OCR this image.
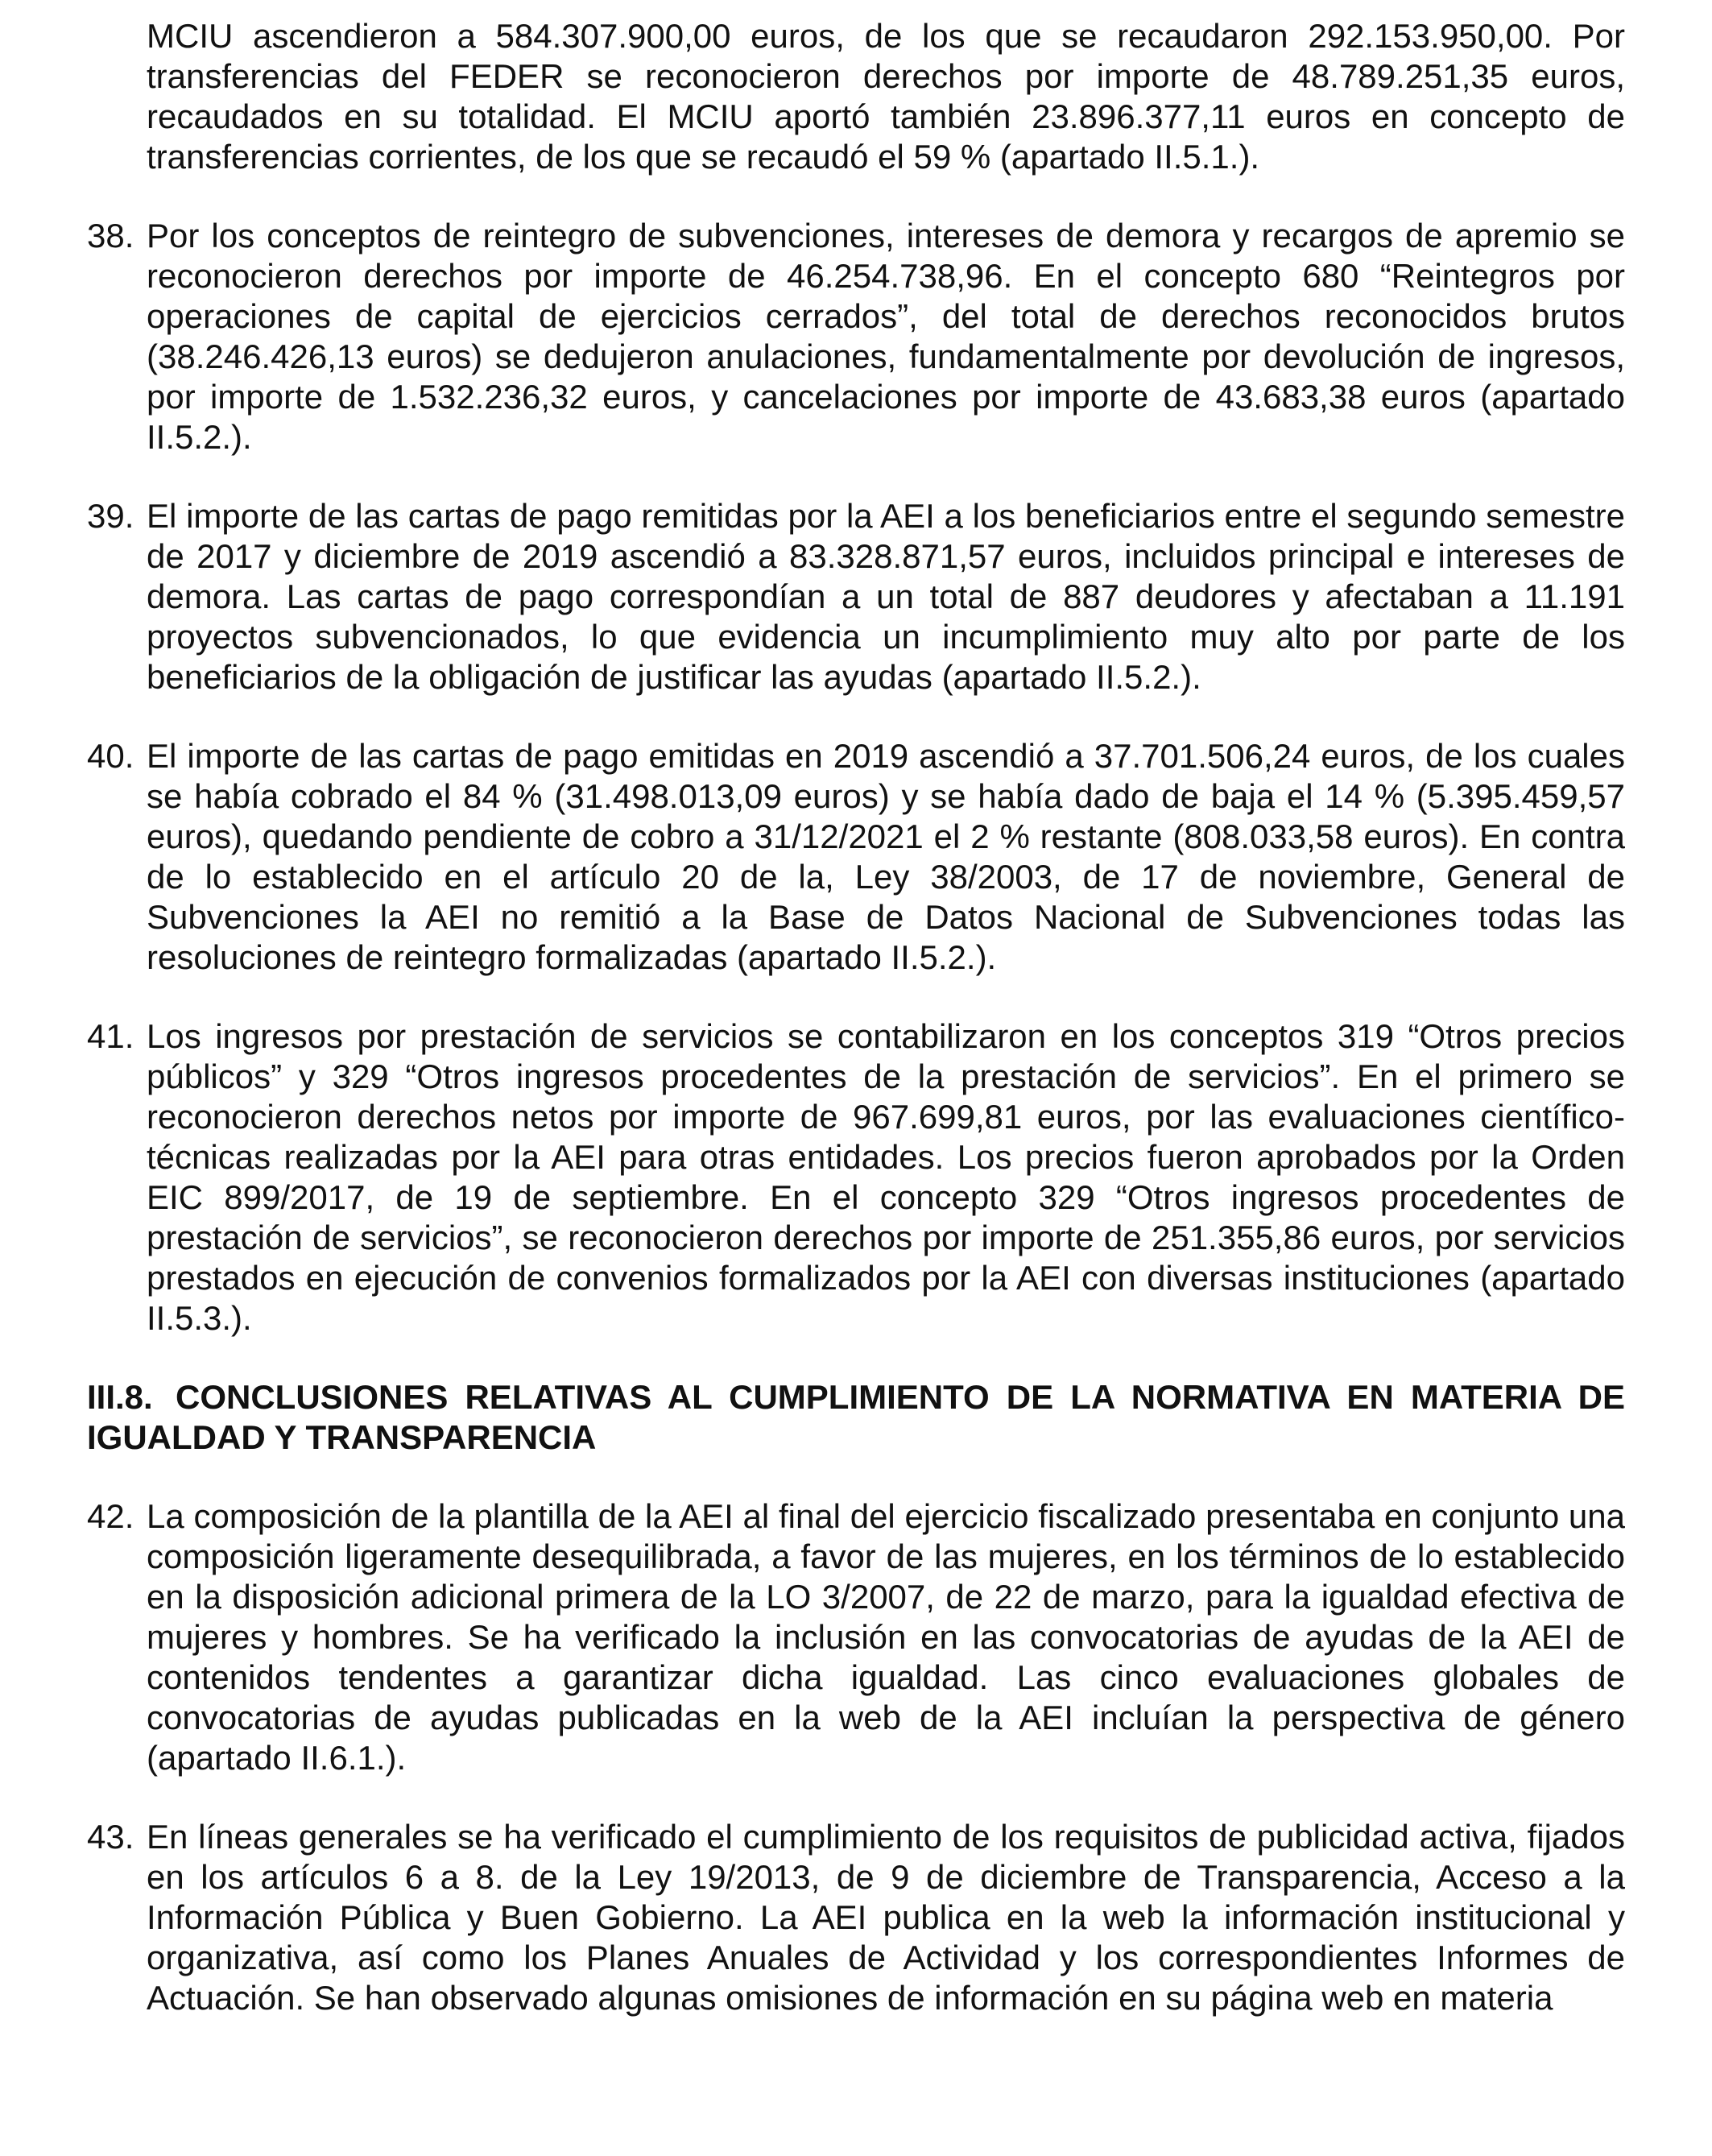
MCIU ascendieron a 584.307.900,00 euros, de los que se recaudaron 292.153.950,00. Por transferencias del FEDER se reconocieron derechos por importe de 48.789.251,35 euros, recaudados en su totalidad. El MCIU aportó también 23.896.377,11 euros en concepto de transferencias corrientes, de los que se recaudó el 59 % (apartado II.5.1.).
38. Por los conceptos de reintegro de subvenciones, intereses de demora y recargos de apremio se reconocieron derechos por importe de 46.254.738,96. En el concepto 680 “Reintegros por operaciones de capital de ejercicios cerrados”, del total de derechos reconocidos brutos (38.246.426,13 euros) se dedujeron anulaciones, fundamentalmente por devolución de ingresos, por importe de 1.532.236,32 euros, y cancelaciones por importe de 43.683,38 euros (apartado II.5.2.).
39. El importe de las cartas de pago remitidas por la AEI a los beneficiarios entre el segundo semestre de 2017 y diciembre de 2019 ascendió a 83.328.871,57 euros, incluidos principal e intereses de demora. Las cartas de pago correspondían a un total de 887 deudores y afectaban a 11.191 proyectos subvencionados, lo que evidencia un incumplimiento muy alto por parte de los beneficiarios de la obligación de justificar las ayudas (apartado II.5.2.).
40. El importe de las cartas de pago emitidas en 2019 ascendió a 37.701.506,24 euros, de los cuales se había cobrado el 84 % (31.498.013,09 euros) y se había dado de baja el 14 % (5.395.459,57 euros), quedando pendiente de cobro a 31/12/2021 el 2 % restante (808.033,58 euros). En contra de lo establecido en el artículo 20 de la, Ley 38/2003, de 17 de noviembre, General de Subvenciones la AEI no remitió a la Base de Datos Nacional de Subvenciones todas las resoluciones de reintegro formalizadas (apartado II.5.2.).
41. Los ingresos por prestación de servicios se contabilizaron en los conceptos 319 “Otros precios públicos” y 329 “Otros ingresos procedentes de la prestación de servicios”. En el primero se reconocieron derechos netos por importe de 967.699,81 euros, por las evaluaciones científico-técnicas realizadas por la AEI para otras entidades. Los precios fueron aprobados por la Orden EIC 899/2017, de 19 de septiembre. En el concepto 329 “Otros ingresos procedentes de prestación de servicios”, se reconocieron derechos por importe de 251.355,86 euros, por servicios prestados en ejecución de convenios formalizados por la AEI con diversas instituciones (apartado II.5.3.).
III.8. CONCLUSIONES RELATIVAS AL CUMPLIMIENTO DE LA NORMATIVA EN MATERIA DE IGUALDAD Y TRANSPARENCIA
42. La composición de la plantilla de la AEI al final del ejercicio fiscalizado presentaba en conjunto una composición ligeramente desequilibrada, a favor de las mujeres, en los términos de lo establecido en la disposición adicional primera de la LO 3/2007, de 22 de marzo, para la igualdad efectiva de mujeres y hombres. Se ha verificado la inclusión en las convocatorias de ayudas de la AEI de contenidos tendentes a garantizar dicha igualdad. Las cinco evaluaciones globales de convocatorias de ayudas publicadas en la web de la AEI incluían la perspectiva de género (apartado II.6.1.).
43. En líneas generales se ha verificado el cumplimiento de los requisitos de publicidad activa, fijados en los artículos 6 a 8. de la Ley 19/2013, de 9 de diciembre de Transparencia, Acceso a la Información Pública y Buen Gobierno. La AEI publica en la web la información institucional y organizativa, así como los Planes Anuales de Actividad y los correspondientes Informes de Actuación. Se han observado algunas omisiones de información en su página web en materia
